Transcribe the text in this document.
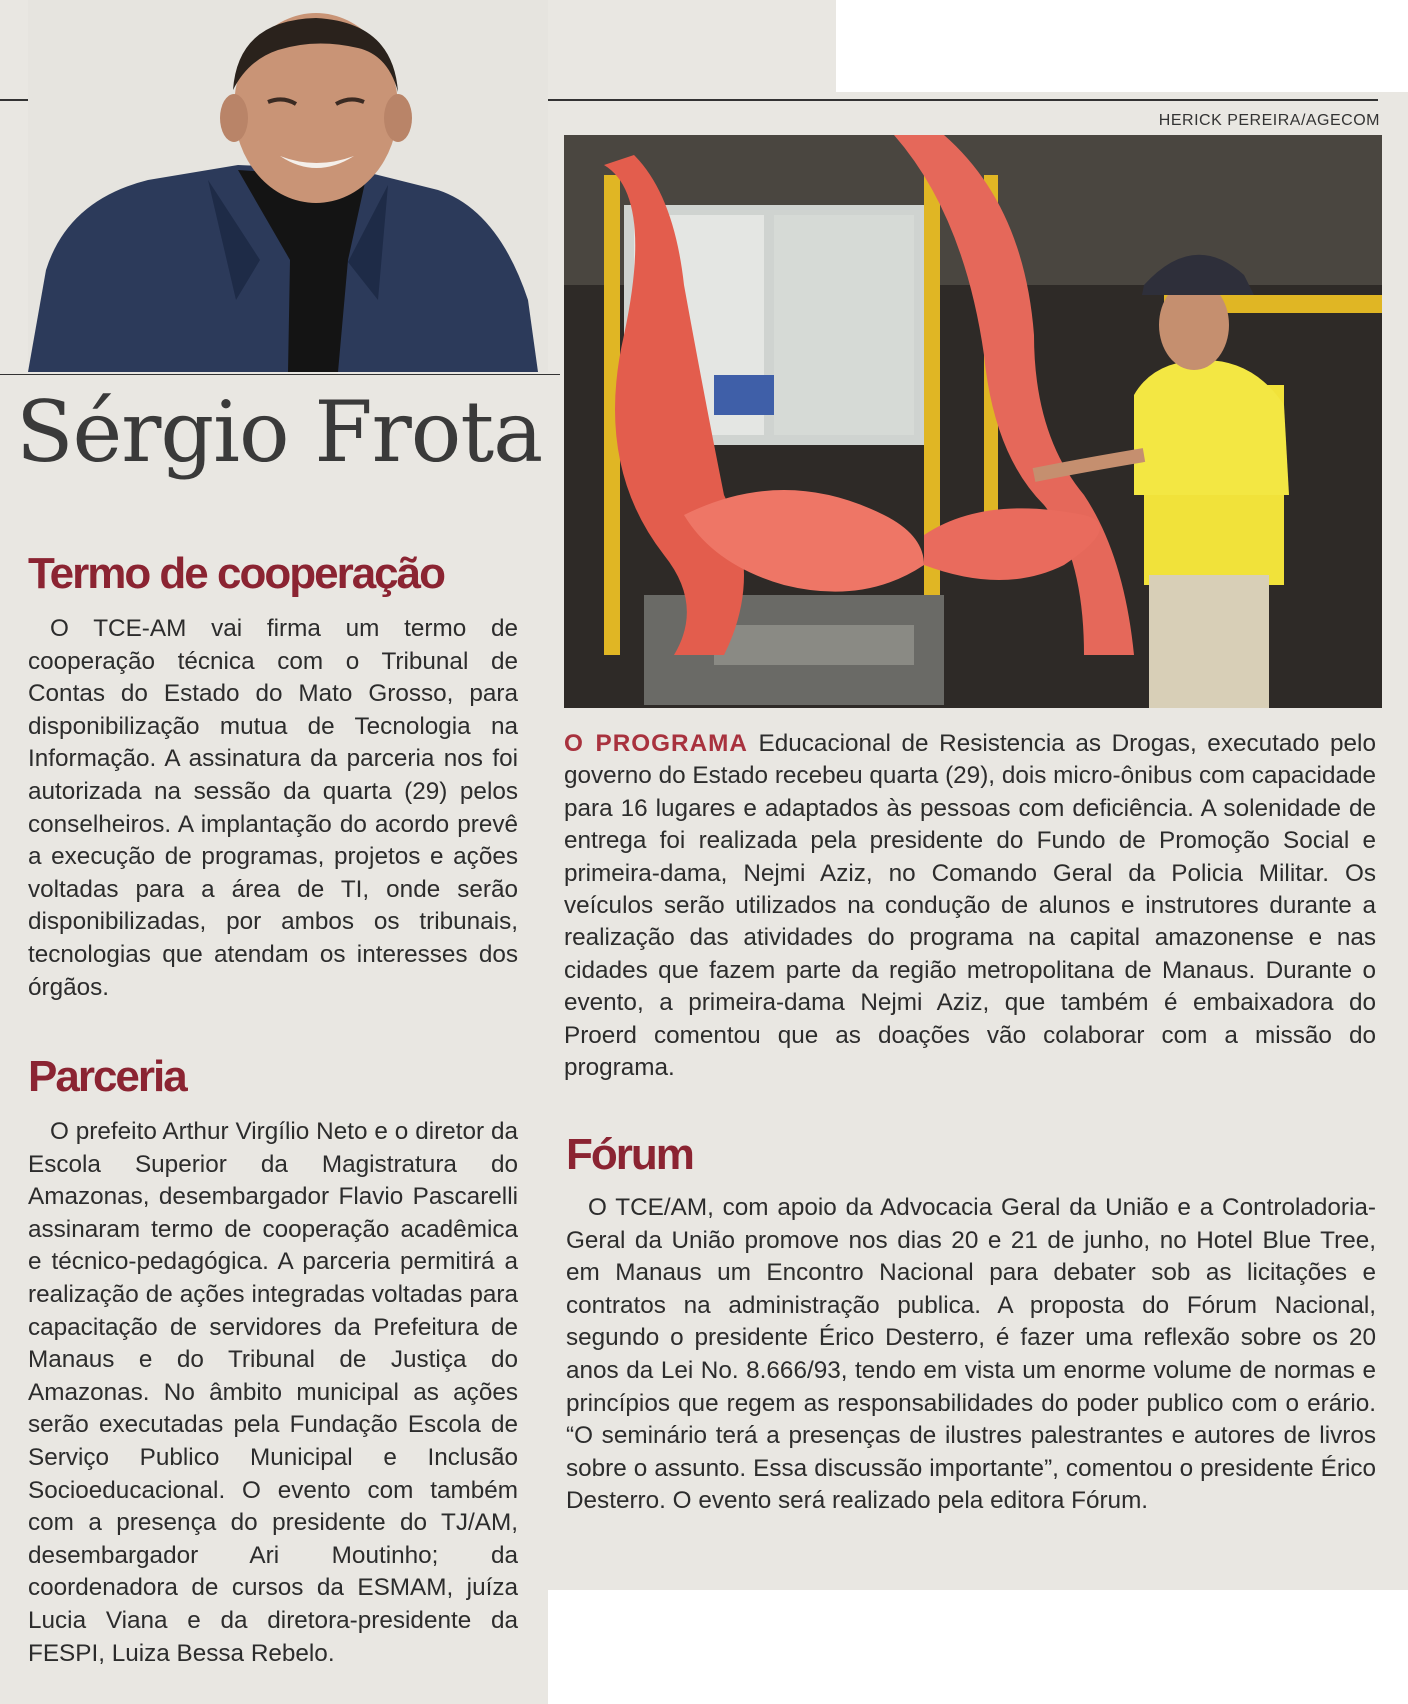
Sérgio Frota
Termo de cooperação
O TCE-AM vai firma um termo de cooperação técnica com o Tribunal de Contas do Estado do Mato Grosso, para disponibilização mutua de Tecnologia na Informação. A assinatura da parceria nos foi autorizada na sessão da quarta (29) pelos conselheiros. A implantação do acordo prevê a execução de programas, projetos e ações voltadas para a área de TI, onde serão disponibilizadas, por ambos os tribunais, tecnologias que atendam os interesses dos órgãos.
Parceria
O prefeito Arthur Virgílio Neto e o diretor da Escola Superior da Magistratura do Amazonas, desembargador Flavio Pascarelli assinaram termo de cooperação acadêmica e técnico-pedagógica. A parceria permitirá a realização de ações integradas voltadas para capacitação de servidores da Prefeitura de Manaus e do Tribunal de Justiça do Amazonas. No âmbito municipal as ações serão executadas pela Fundação Escola de Serviço Publico Municipal e Inclusão Socioeducacional. O evento com também com a presença do presidente do TJ/AM, desembargador Ari Moutinho; da coordenadora de cursos da ESMAM, juíza Lucia Viana e da diretora-presidente da FESPI, Luiza Bessa Rebelo.
HERICK PEREIRA/AGECOM
O PROGRAMA Educacional de Resistencia as Drogas, executado pelo governo do Estado recebeu quarta (29), dois micro-ônibus com capacidade para 16 lugares e adaptados às pessoas com deficiência. A solenidade de entrega foi realizada pela presidente do Fundo de Promoção Social e primeira-dama, Nejmi Aziz, no Comando Geral da Policia Militar. Os veículos serão utilizados na condução de alunos e instrutores durante a realização das atividades do programa na capital amazonense e nas cidades que fazem parte da região metropolitana de Manaus. Durante o evento, a primeira-dama Nejmi Aziz, que também é embaixadora do Proerd comentou que as doações vão colaborar com a missão do programa.
Fórum
O TCE/AM, com apoio da Advocacia Geral da União e a Controladoria-Geral da União promove nos dias 20 e 21 de junho, no Hotel Blue Tree, em Manaus um Encontro Nacional para debater sob as licitações e contratos na administração publica. A proposta do Fórum Nacional, segundo o presidente Érico Desterro, é fazer uma reflexão sobre os 20 anos da Lei No. 8.666/93, tendo em vista um enorme volume de normas e princípios que regem as responsabilidades do poder publico com o erário. “O seminário terá a presenças de ilustres palestrantes e autores de livros sobre o assunto. Essa discussão importante”, comentou o presidente Érico Desterro. O evento será realizado pela editora Fórum.
